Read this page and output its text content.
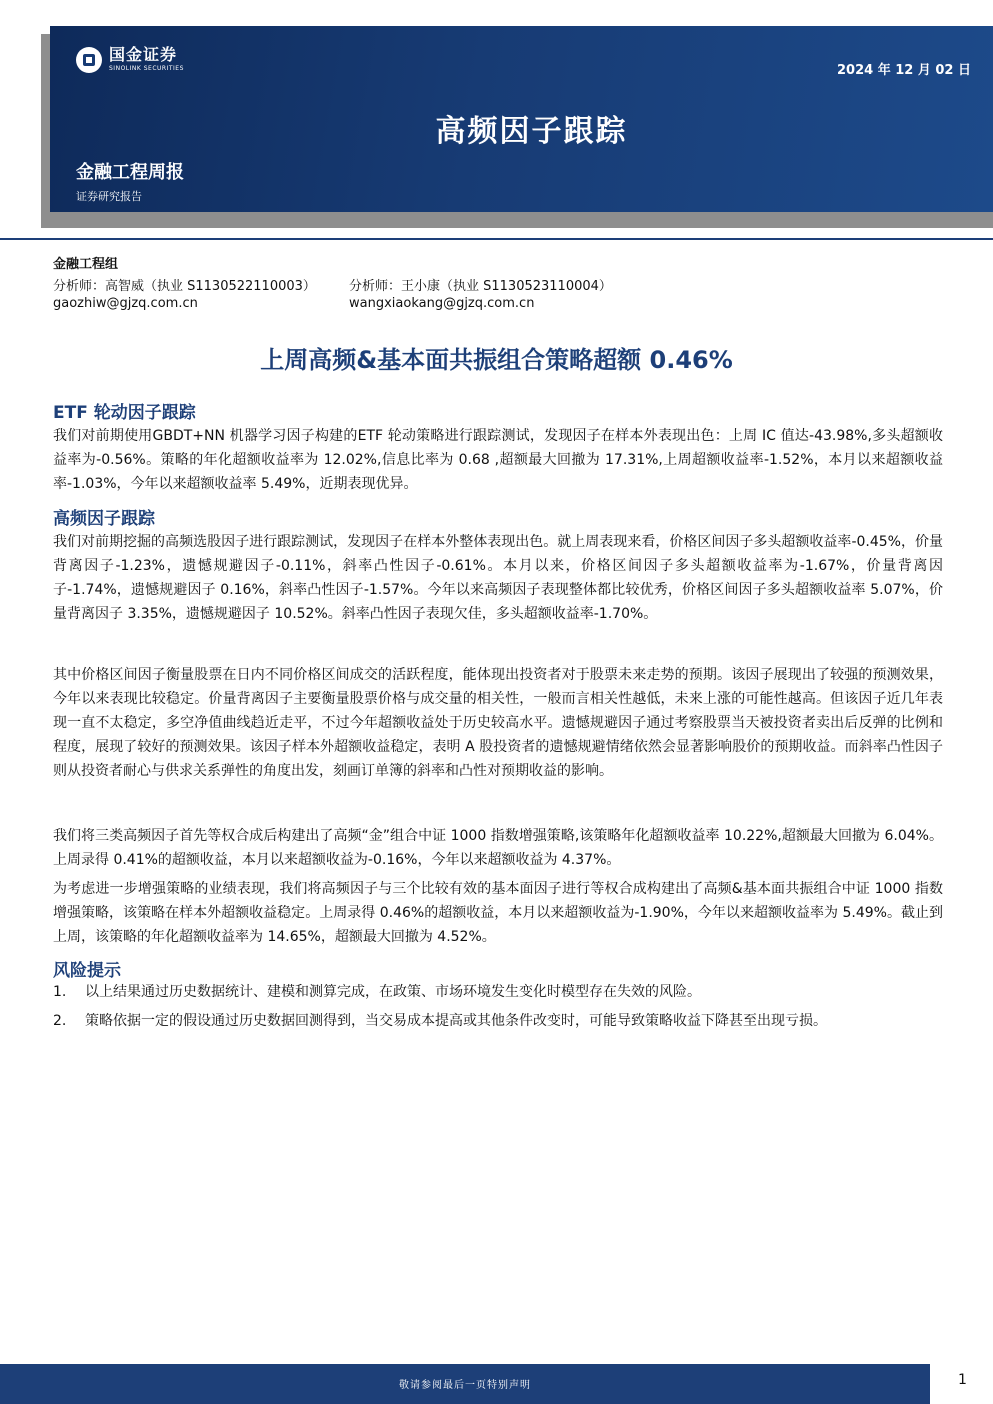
国金证券
SINOLINK SECURITIES	2024 年 12 月 02 日
高频因子跟踪
金融工程周报
证券研究报告
金融工程组
分析师：高智威（执业 S1130522110003）	分析师：王小康（执业 S1130523110004）
gaozhiw@gjzq.com.cn	wangxiaokang@gjzq.com.cn
上周高频&基本面共振组合策略超额 0.46%
ETF 轮动因子跟踪
我们对前期使用GBDT+NN 机器学习因子构建的ETF 轮动策略进行跟踪测试，发现因子在样本外表现出色：上周 IC 值达-43.98%,多头超额收益率为-0.56%。策略的年化超额收益率为 12.02%,信息比率为 0.68 ,超额最大回撤为 17.31%,上周超额收益率-1.52%，本月以来超额收益率-1.03%，今年以来超额收益率 5.49%，近期表现优异。
高频因子跟踪
我们对前期挖掘的高频选股因子进行跟踪测试，发现因子在样本外整体表现出色。就上周表现来看，价格区间因子多头超额收益率-0.45%，价量背离因子-1.23%，遗憾规避因子-0.11%，斜率凸性因子-0.61%。本月以来，价格区间因子多头超额收益率为-1.67%，价量背离因子-1.74%，遗憾规避因子 0.16%，斜率凸性因子-1.57%。今年以来高频因子表现整体都比较优秀，价格区间因子多头超额收益率 5.07%，价量背离因子 3.35%，遗憾规避因子 10.52%。斜率凸性因子表现欠佳，多头超额收益率-1.70%。
其中价格区间因子衡量股票在日内不同价格区间成交的活跃程度，能体现出投资者对于股票未来走势的预期。该因子展现出了较强的预测效果，今年以来表现比较稳定。价量背离因子主要衡量股票价格与成交量的相关性，一般而言相关性越低，未来上涨的可能性越高。但该因子近几年表现一直不太稳定，多空净值曲线趋近走平，不过今年超额收益处于历史较高水平。遗憾规避因子通过考察股票当天被投资者卖出后反弹的比例和程度，展现了较好的预测效果。该因子样本外超额收益稳定，表明 A 股投资者的遗憾规避情绪依然会显著影响股价的预期收益。而斜率凸性因子则从投资者耐心与供求关系弹性的角度出发，刻画订单簿的斜率和凸性对预期收益的影响。
我们将三类高频因子首先等权合成后构建出了高频“金”组合中证 1000 指数增强策略,该策略年化超额收益率 10.22%,超额最大回撤为 6.04%。上周录得 0.41%的超额收益，本月以来超额收益为-0.16%，今年以来超额收益为 4.37%。
为考虑进一步增强策略的业绩表现，我们将高频因子与三个比较有效的基本面因子进行等权合成构建出了高频&基本面共振组合中证 1000 指数增强策略，该策略在样本外超额收益稳定。上周录得 0.46%的超额收益，本月以来超额收益为-1.90%，今年以来超额收益率为 5.49%。截止到上周，该策略的年化超额收益率为 14.65%，超额最大回撤为 4.52%。
风险提示
1. 以上结果通过历史数据统计、建模和测算完成，在政策、市场环境发生变化时模型存在失效的风险。
2. 策略依据一定的假设通过历史数据回测得到，当交易成本提高或其他条件改变时，可能导致策略收益下降甚至出现亏损。
敬请参阅最后一页特别声明	1
